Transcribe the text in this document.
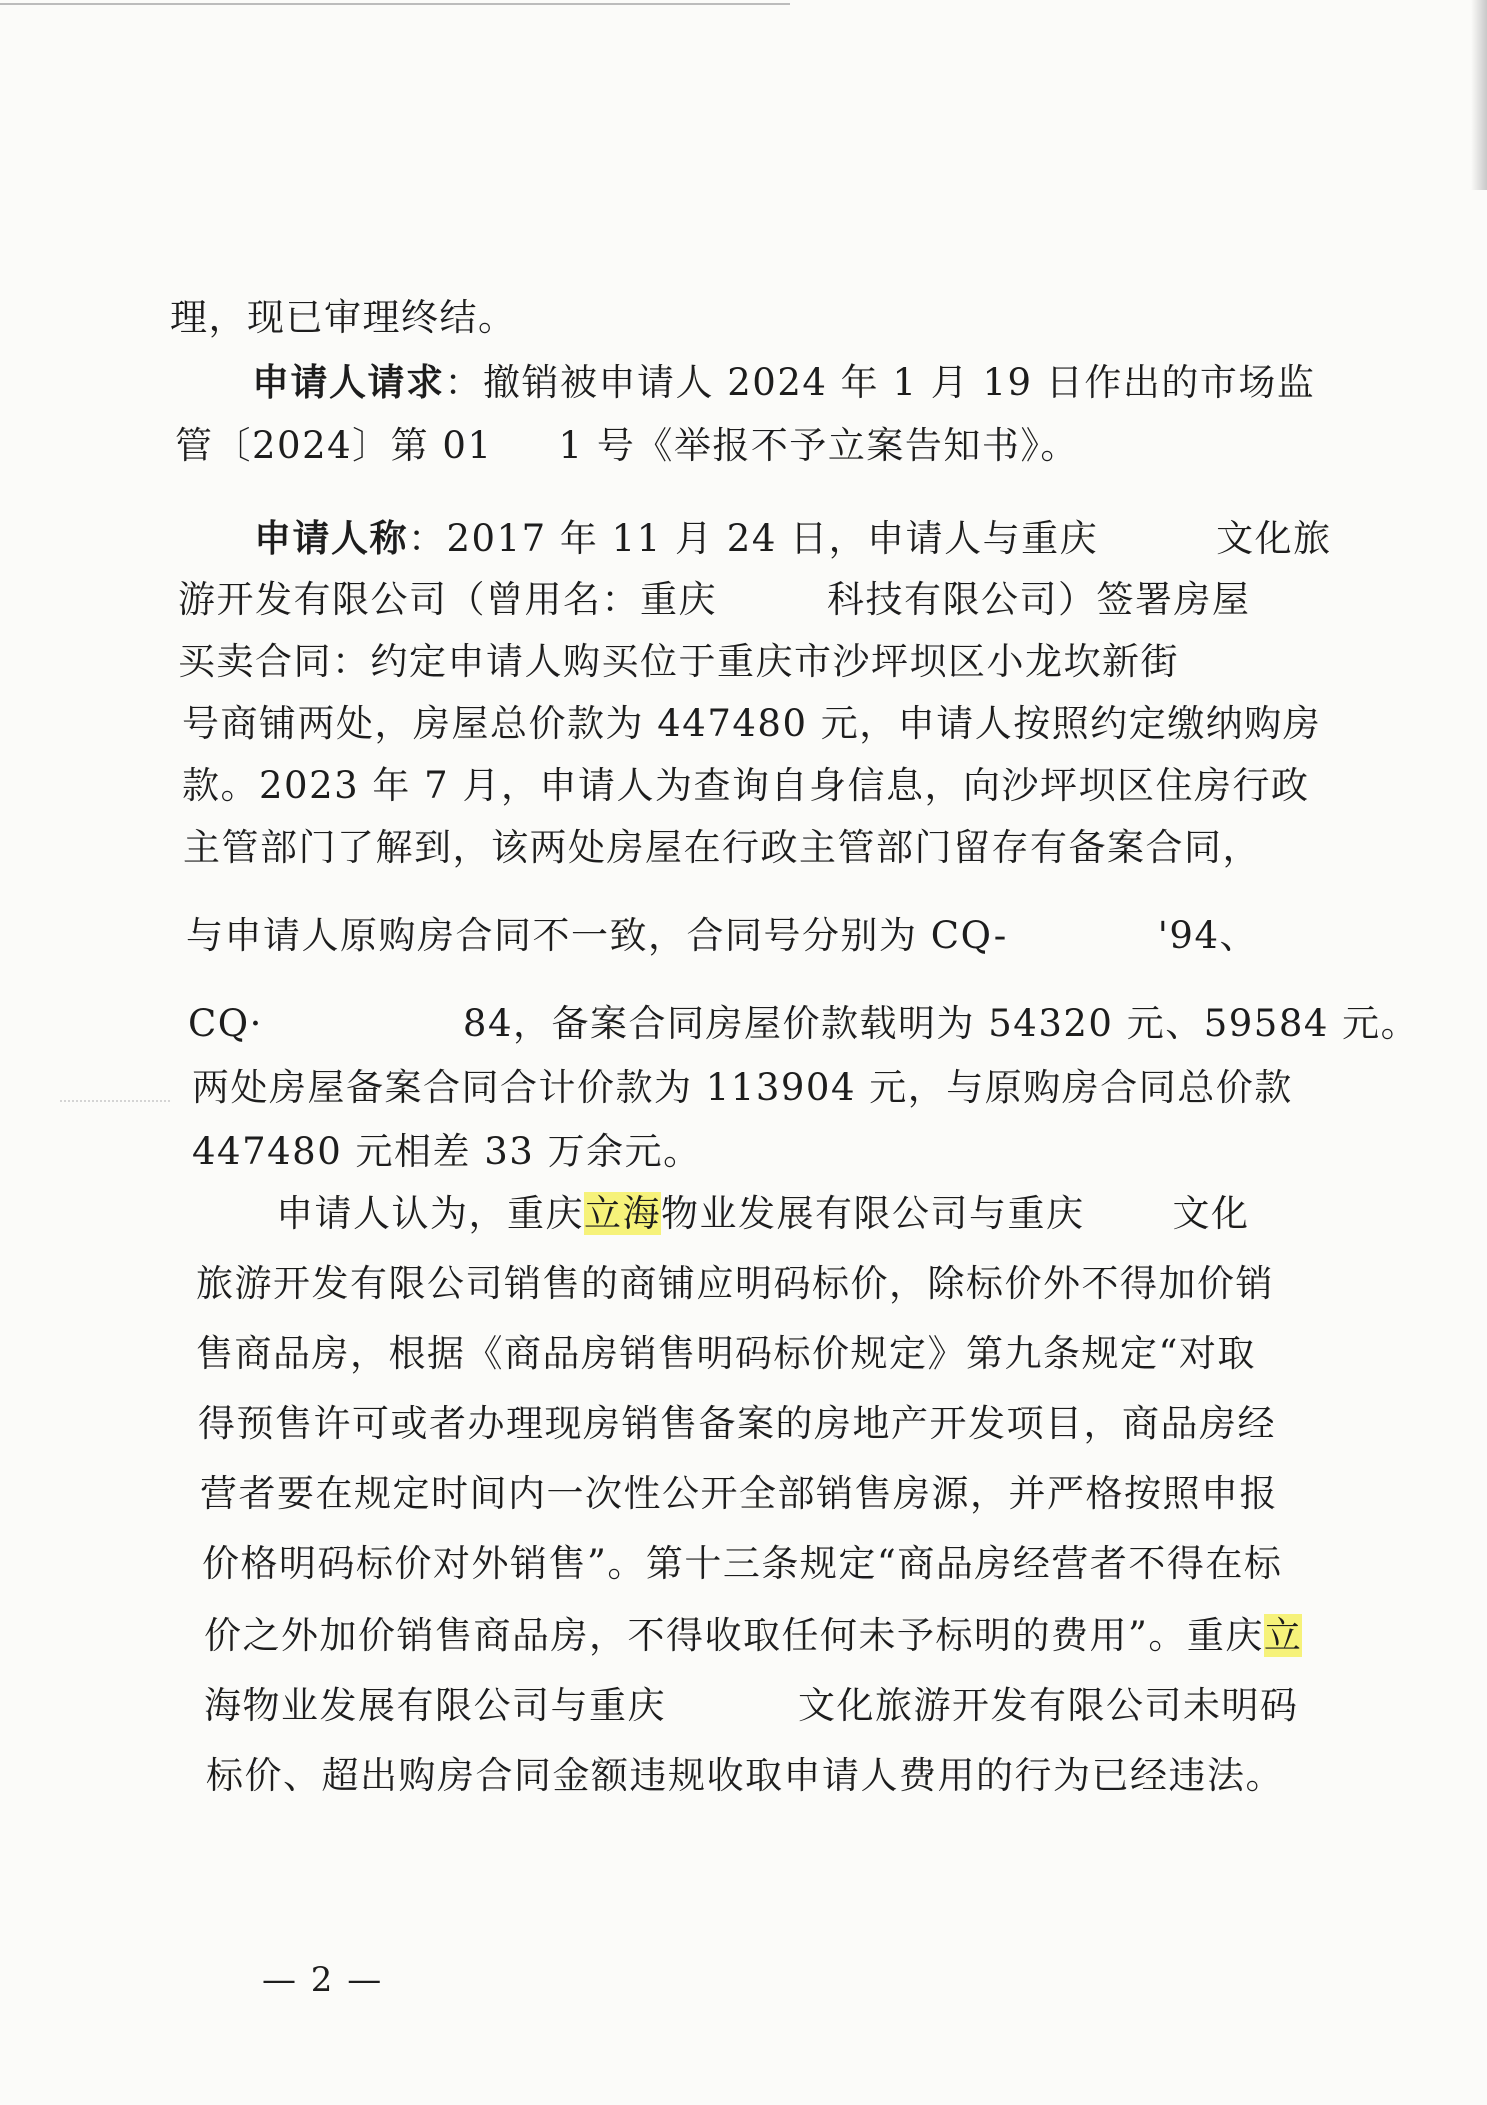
理，现已审理终结。
申请人请求：撤销被申请人 2024 年 1 月 19 日作出的市场监
管〔2024〕第 01 1 号《举报不予立案告知书》。
申请人称：2017 年 11 月 24 日，申请人与重庆	文化旅
游开发有限公司（曾用名：重庆	科技有限公司）签署房屋
买卖合同：约定申请人购买位于重庆市沙坪坝区小龙坎新街
号商铺两处，房屋总价款为 447480 元，申请人按照约定缴纳购房
款。2023 年 7 月，申请人为查询自身信息，向沙坪坝区住房行政
主管部门了解到，该两处房屋在行政主管部门留存有备案合同，
与申请人原购房合同不一致，合同号分别为 CQ-	'94、
CQ·	84，备案合同房屋价款载明为 54320 元、59584 元。
两处房屋备案合同合计价款为 113904 元，与原购房合同总价款
447480 元相差 33 万余元。
申请人认为，重庆立海物业发展有限公司与重庆 文化
旅游开发有限公司销售的商铺应明码标价，除标价外不得加价销
售商品房，根据《商品房销售明码标价规定》第九条规定“对取
得预售许可或者办理现房销售备案的房地产开发项目，商品房经
营者要在规定时间内一次性公开全部销售房源，并严格按照申报
价格明码标价对外销售”。第十三条规定“商品房经营者不得在标
价之外加价销售商品房，不得收取任何未予标明的费用”。重庆立
海物业发展有限公司与重庆	文化旅游开发有限公司未明码
标价、超出购房合同金额违规收取申请人费用的行为已经违法。
— 2 —
